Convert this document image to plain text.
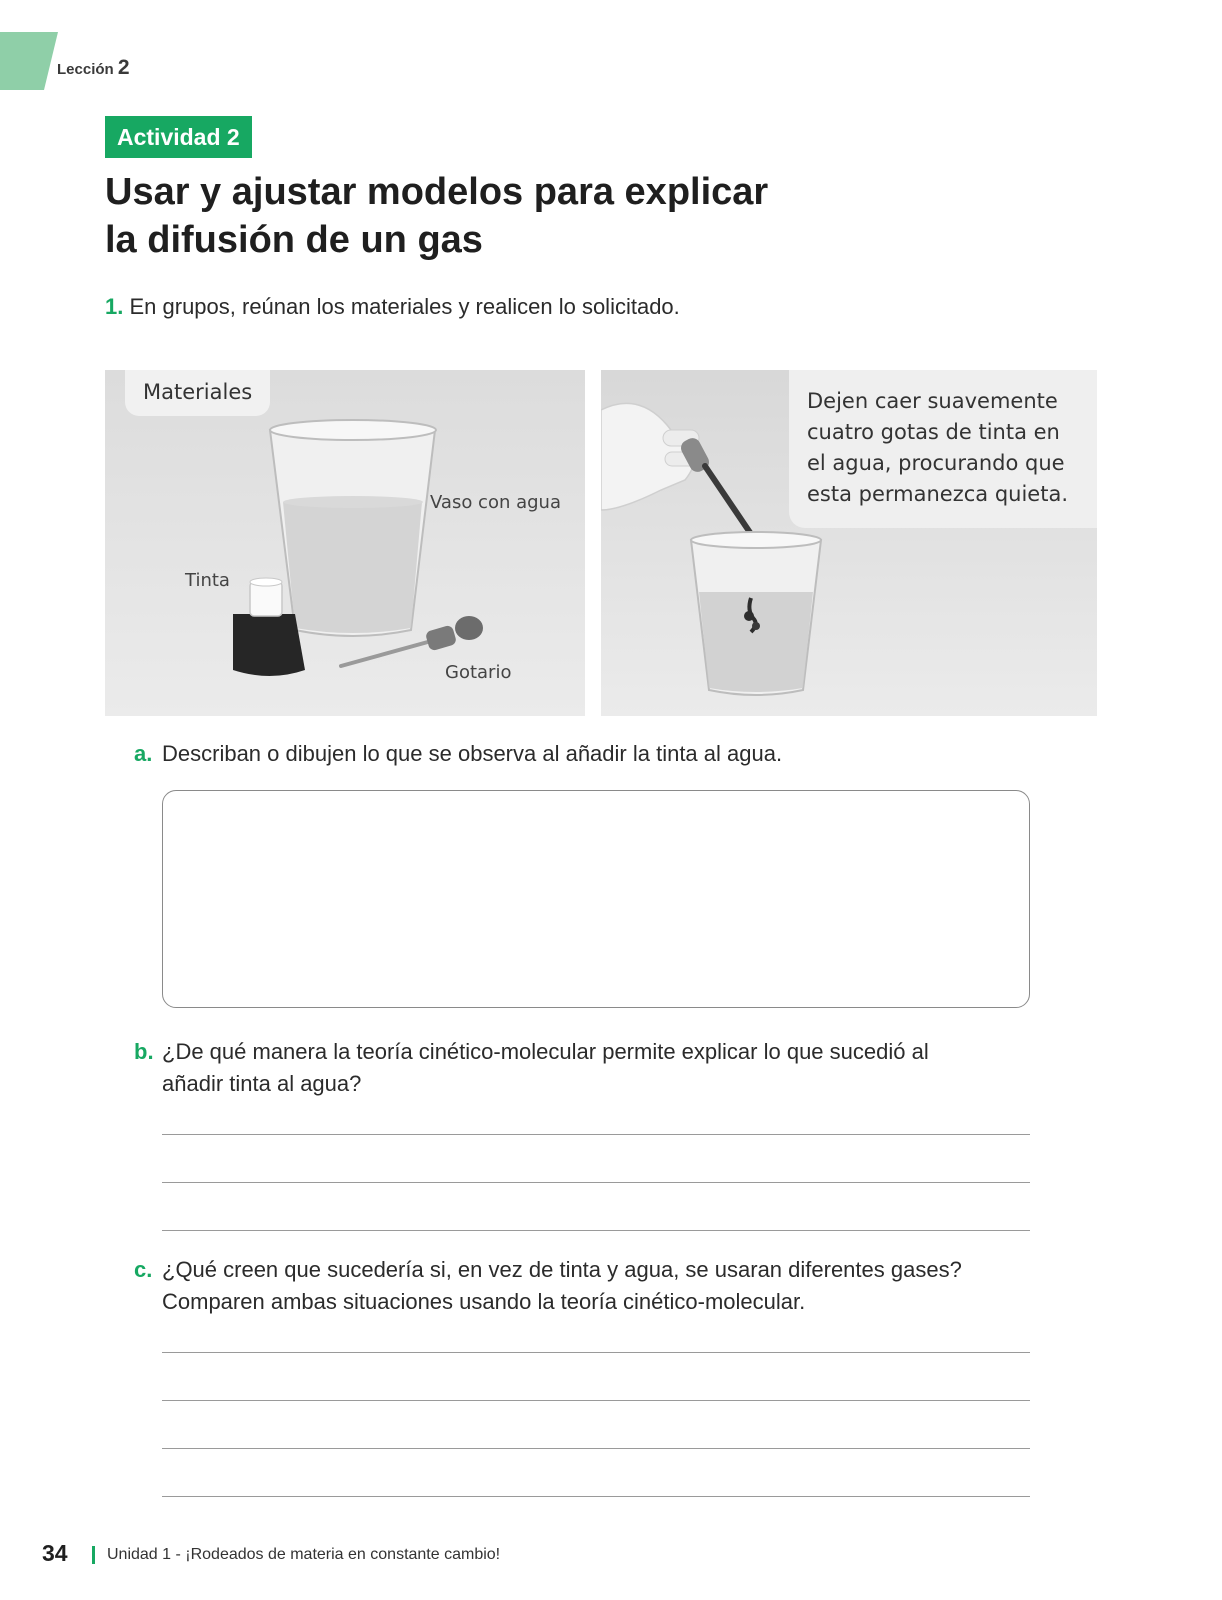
Lección 2
Actividad 2
Usar y ajustar modelos para explicar
la difusión de un gas
1. En grupos, reúnan los materiales y realicen lo solicitado.
Materiales
Vaso con agua
Tinta
Gotario
Dejen caer suavemente
cuatro gotas de tinta en
el agua, procurando que
esta permanezca quieta.
a. Describan o dibujen lo que se observa al añadir la tinta al agua.
b. ¿De qué manera la teoría cinético-molecular permite explicar lo que sucedió al
añadir tinta al agua?
c. ¿Qué creen que sucedería si, en vez de tinta y agua, se usaran diferentes gases?
Comparen ambas situaciones usando la teoría cinético-molecular.
34 Unidad 1 - ¡Rodeados de materia en constante cambio!
